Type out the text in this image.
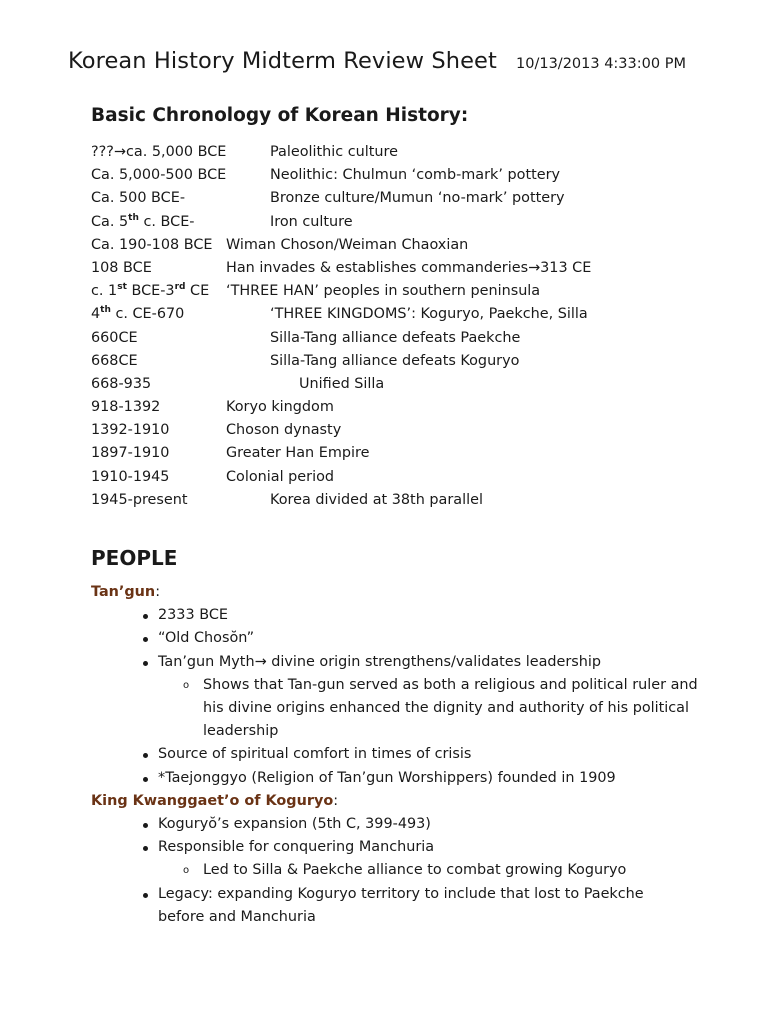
Korean History Midterm Review Sheet 10/13/2013 4:33:00 PM
Basic Chronology of Korean History:
???→ca. 5,000 BCE	Paleolithic culture
Ca. 5,000-500 BCE	Neolithic: Chulmun ‘comb-mark’ pottery
Ca. 500 BCE-	Bronze culture/Mumun ‘no-mark’ pottery
Ca. 5th c. BCE-	Iron culture
Ca. 190-108 BCE Wiman Choson/Weiman Chaoxian
108 BCE	Han invades & establishes commanderies→313 CE
c. 1st BCE-3rd CE ‘THREE HAN’ peoples in southern peninsula
4th c. CE-670	‘THREE KINGDOMS’: Koguryo, Paekche, Silla
660CE	Silla-Tang alliance defeats Paekche
668CE	Silla-Tang alliance defeats Koguryo
668-935	Unified Silla
918-1392	Koryo kingdom
1392-1910	Choson dynasty
1897-1910	Greater Han Empire
1910-1945	Colonial period
1945-present	Korea divided at 38th parallel
PEOPLE
Tan’gun:
2333 BCE
“Old Chosŏn”
Tan’gun Myth→ divine origin strengthens/validates leadership
o Shows that Tan-gun served as both a religious and political ruler and his divine origins enhanced the dignity and authority of his political leadership
Source of spiritual comfort in times of crisis
*Taejonggyo (Religion of Tan’gun Worshippers) founded in 1909
King Kwanggaet’o of Koguryo:
Koguryŏ’s expansion (5th C, 399-493)
Responsible for conquering Manchuria
o Led to Silla & Paekche alliance to combat growing Koguryo
Legacy: expanding Koguryo territory to include that lost to Paekche before and Manchuria
